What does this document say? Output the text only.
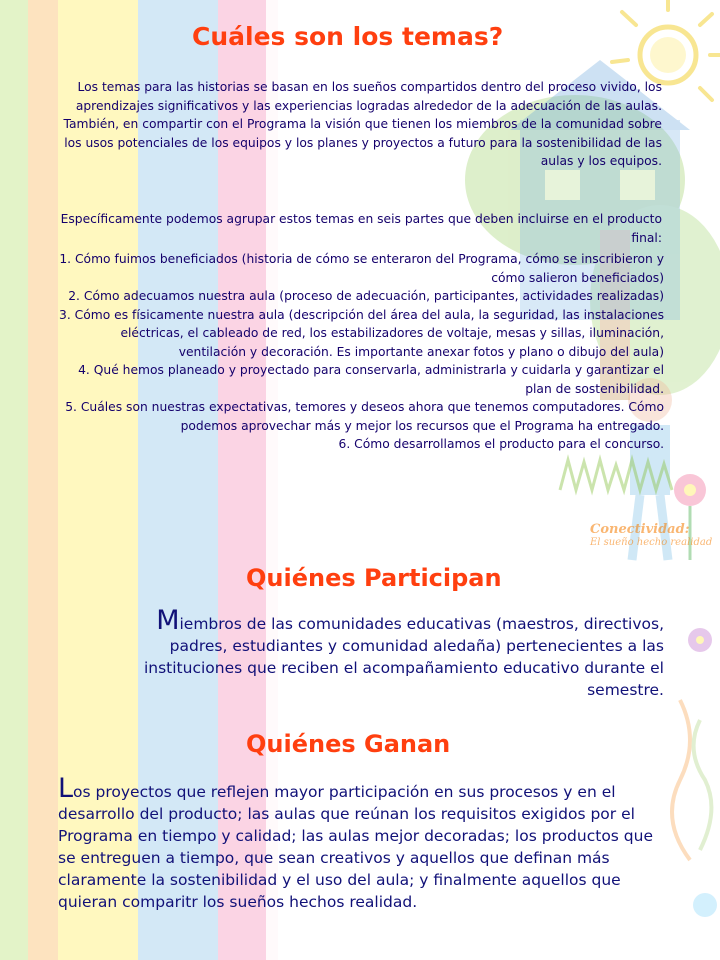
Conectividad:
El sueño hecho realidad
Cuáles son los temas?

Los temas para las historias se basan en los sueños compartidos dentro del proceso vivido, los aprendizajes significativos y las experiencias logradas alrededor de la adecuación de las aulas. También, en compartir con el Programa la visión que tienen los miembros de la comunidad sobre los usos potenciales de los equipos y los planes y proyectos a futuro para la sostenibilidad de las aulas y los equipos.

Específicamente podemos agrupar estos temas en seis partes que deben incluirse en el producto final:

1. Cómo fuimos beneficiados (historia de cómo se enteraron del Programa, cómo se inscribieron y cómo salieron beneficiados)
2. Cómo adecuamos nuestra aula (proceso de adecuación, participantes, actividades realizadas)
3. Cómo es físicamente nuestra aula (descripción del área del aula, la seguridad, las instalaciones eléctricas, el cableado de red, los estabilizadores de voltaje, mesas y sillas, iluminación, ventilación y decoración. Es importante anexar fotos y plano o dibujo del aula)
4. Qué hemos planeado y proyectado para conservarla, administrarla y cuidarla y garantizar el plan de sostenibilidad.
5. Cuáles son nuestras expectativas, temores y deseos ahora que tenemos computadores. Cómo podemos aprovechar más y mejor los recursos que el Programa ha entregado.
6. Cómo desarrollamos el producto para el concurso.
Quiénes Participan

Miembros de las comunidades educativas (maestros, directivos, padres, estudiantes y comunidad aledaña) pertenecientes a las instituciones que reciben el acompañamiento educativo durante el semestre.

Quiénes Ganan

Los proyectos que reflejen mayor participación en sus procesos y en el desarrollo del producto; las aulas que reúnan los requisitos exigidos por el Programa en tiempo y calidad; las aulas mejor decoradas; los productos que se entreguen a tiempo, que sean creativos y aquellos que definan más claramente la sostenibilidad y el uso del aula; y finalmente aquellos que quieran comparitr los sueños hechos realidad.
